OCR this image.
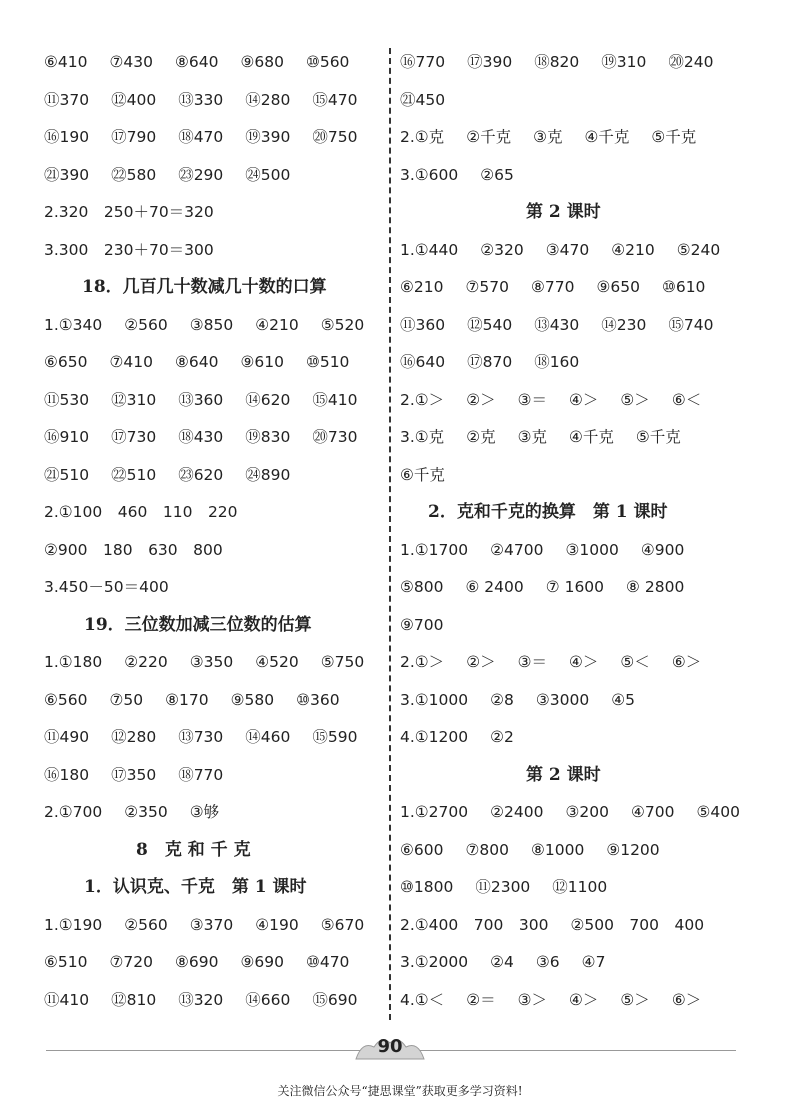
⑥410 ⑦430 ⑧640 ⑨680 ⑩560
⑪370 ⑫400 ⑬330 ⑭280 ⑮470
⑯190 ⑰790 ⑱470 ⑲390 ⑳750
㉑390 ㉒580 ㉓290 ㉔500
2.320　250＋70＝320
3.300　230＋70＝300
18．几百几十数减几十数的口算
1.①340 ②560 ③850 ④210 ⑤520
⑥650 ⑦410 ⑧640 ⑨610 ⑩510
⑪530 ⑫310 ⑬360 ⑭620 ⑮410
⑯910 ⑰730 ⑱430 ⑲830 ⑳730
㉑510 ㉒510 ㉓620 ㉔890
2.①100　460　110　220
②900　180　630　800
3.450－50＝400
19．三位数加减三位数的估算
1.①180 ②220 ③350 ④520 ⑤750
⑥560 ⑦50 ⑧170 ⑨580 ⑩360
⑪490 ⑫280 ⑬730 ⑭460 ⑮590
⑯180 ⑰350 ⑱770
2.①700 ②350 ③够
8　克 和 千 克
1．认识克、千克　第 1 课时
1.①190 ②560 ③370 ④190 ⑤670
⑥510 ⑦720 ⑧690 ⑨690 ⑩470
⑪410 ⑫810 ⑬320 ⑭660 ⑮690
⑯770 ⑰390 ⑱820 ⑲310 ⑳240
㉑450
2.①克 ②千克 ③克 ④千克 ⑤千克
3.①600 ②65
第 2 课时
1.①440 ②320 ③470 ④210 ⑤240
⑥210 ⑦570 ⑧770 ⑨650 ⑩610
⑪360 ⑫540 ⑬430 ⑭230 ⑮740
⑯640 ⑰870 ⑱160
2.①＞ ②＞ ③＝ ④＞ ⑤＞ ⑥＜
3.①克 ②克 ③克 ④千克 ⑤千克
⑥千克
2．克和千克的换算　第 1 课时
1.①1700 ②4700 ③1000 ④900
⑤800 ⑥ 2400 ⑦ 1600 ⑧ 2800
⑨700
2.①＞ ②＞ ③＝ ④＞ ⑤＜ ⑥＞
3.①1000 ②8 ③3000 ④5
4.①1200 ②2
第 2 课时
1.①2700 ②2400 ③200 ④700 ⑤400
⑥600 ⑦800 ⑧1000 ⑨1200
⑩1800 ⑪2300 ⑫1100
2.①400　700　300 ②500　700　400
3.①2000 ②4 ③6 ④7
4.①＜ ②＝ ③＞ ④＞ ⑤＞ ⑥＞
90
关注微信公众号“捷思课堂”获取更多学习资料!
